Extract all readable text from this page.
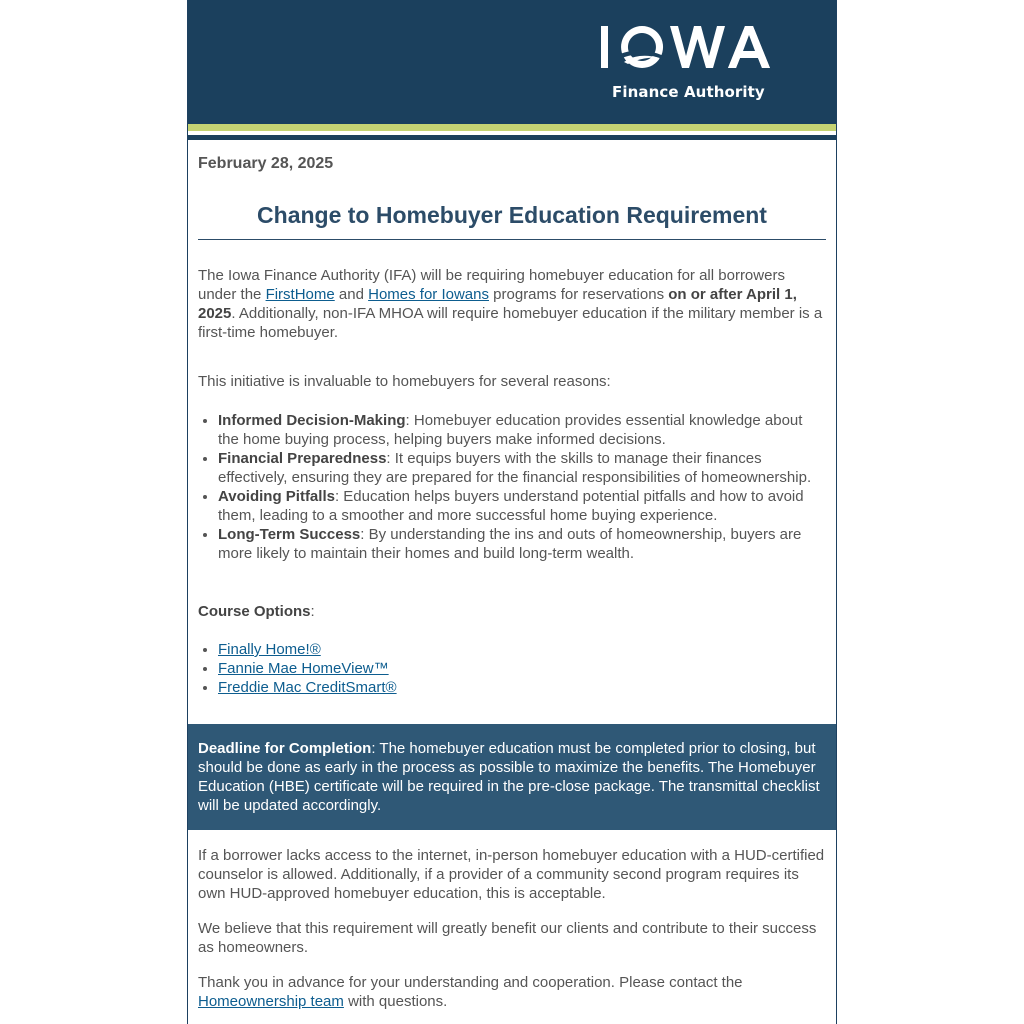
Finance Authority
February 28, 2025
Change to Homebuyer Education Requirement

The Iowa Finance Authority (IFA) will be requiring homebuyer education for all borrowers under the FirstHome and Homes for Iowans programs for reservations on or after April 1, 2025. Additionally, non-IFA MHOA will require homebuyer education if the military member is a first-time homebuyer.

This initiative is invaluable to homebuyers for several reasons:

• Informed Decision-Making: Homebuyer education provides essential knowledge about the home buying process, helping buyers make informed decisions.
• Financial Preparedness: It equips buyers with the skills to manage their finances effectively, ensuring they are prepared for the financial responsibilities of homeownership.
• Avoiding Pitfalls: Education helps buyers understand potential pitfalls and how to avoid them, leading to a smoother and more successful home buying experience.
• Long-Term Success: By understanding the ins and outs of homeownership, buyers are more likely to maintain their homes and build long-term wealth.

Course Options:

• Finally Home!®
• Fannie Mae HomeView™
• Freddie Mac CreditSmart®

Deadline for Completion: The homebuyer education must be completed prior to closing, but should be done as early in the process as possible to maximize the benefits. The Homebuyer Education (HBE) certificate will be required in the pre-close package. The transmittal checklist will be updated accordingly.

If a borrower lacks access to the internet, in-person homebuyer education with a HUD-certified counselor is allowed. Additionally, if a provider of a community second program requires its own HUD-approved homebuyer education, this is acceptable.

We believe that this requirement will greatly benefit our clients and contribute to their success as homeowners.

Thank you in advance for your understanding and cooperation. Please contact the Homeownership team with questions.
